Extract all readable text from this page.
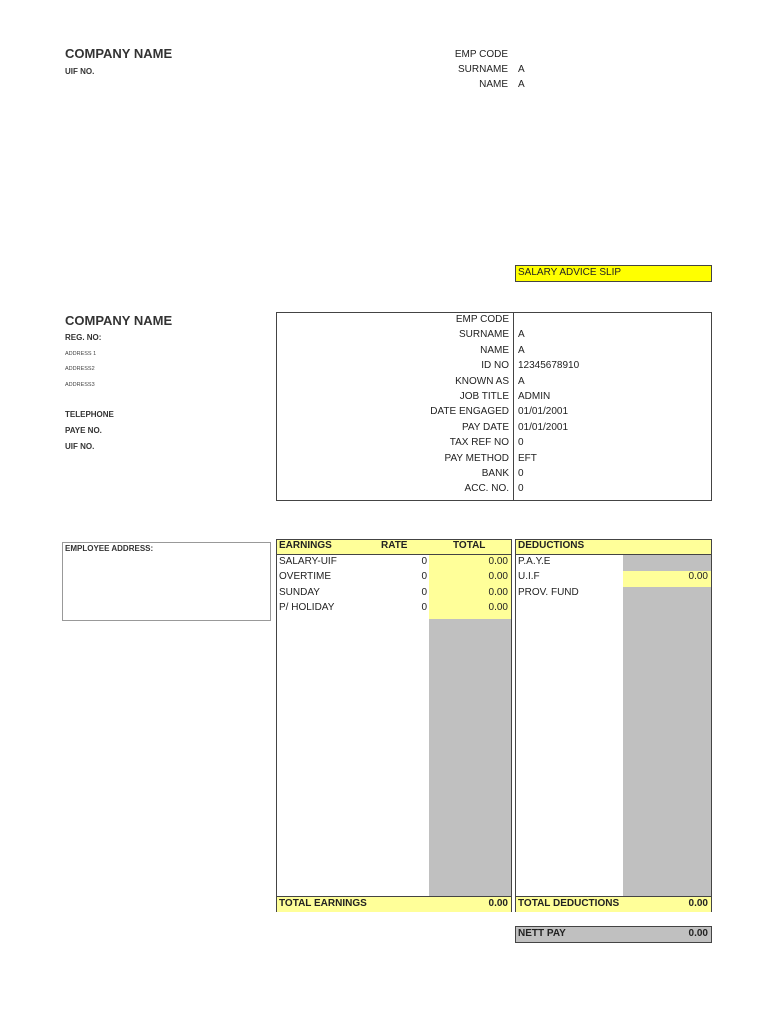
COMPANY NAME
UIF NO.
EMP CODE
SURNAME A
NAME A
SALARY ADVICE SLIP
COMPANY NAME
REG. NO:
ADDRESS 1
ADDRESS2
ADDRESS3
TELEPHONE
PAYE NO.
UIF NO.
EMP CODE
SURNAME A
NAME A
ID NO 12345678910
KNOWN AS A
JOB TITLE ADMIN
DATE ENGAGED 01/01/2001
PAY DATE 01/01/2001
TAX REF NO 0
PAY METHOD EFT
BANK 0
ACC. NO. 0
EMPLOYEE ADDRESS:	EARNINGS	RATE	TOTAL
SALARY-UIF	0	0.00
OVERTIME	0	0.00
SUNDAY	0	0.00
P/ HOLIDAY	0	0.00
TOTAL EARNINGS	0.00
DEDUCTIONS
P.A.Y.E
U.I.F	0.00
PROV. FUND
TOTAL DEDUCTIONS	0.00
NETT PAY	0.00
